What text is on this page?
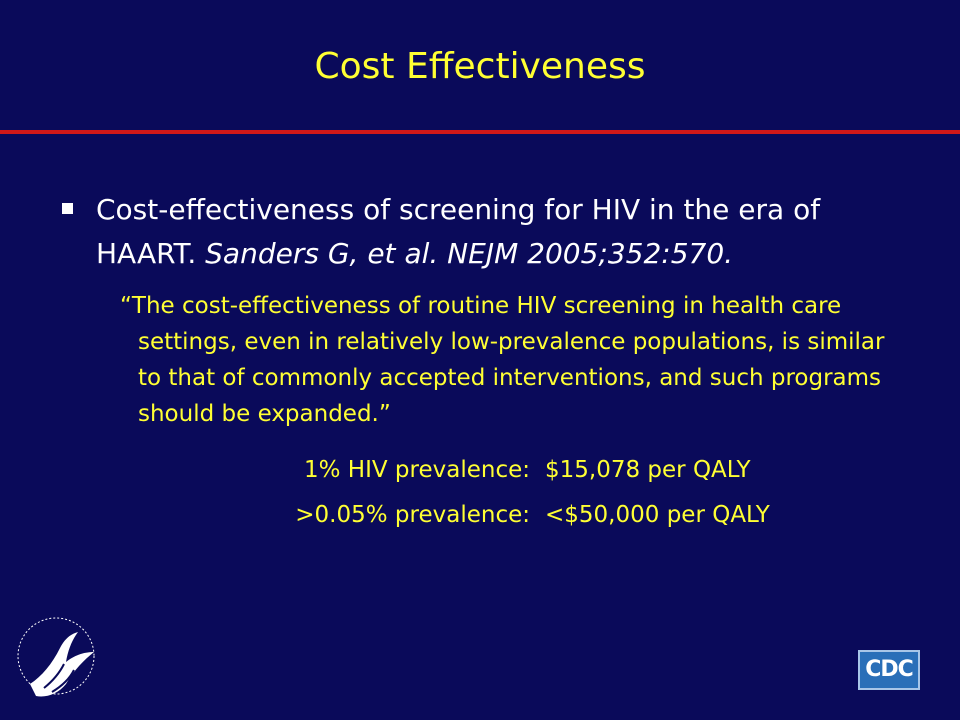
Cost Effectiveness
Cost-effectiveness of screening for HIV in the era of HAART. Sanders G, et al. NEJM 2005;352:570.
“The cost-effectiveness of routine HIV screening in health care settings, even in relatively low-prevalence populations, is similar to that of commonly accepted interventions, and such programs should be expanded.”
1% HIV prevalence: $15,078 per QALY
>0.05% prevalence: <$50,000 per QALY
CDC
